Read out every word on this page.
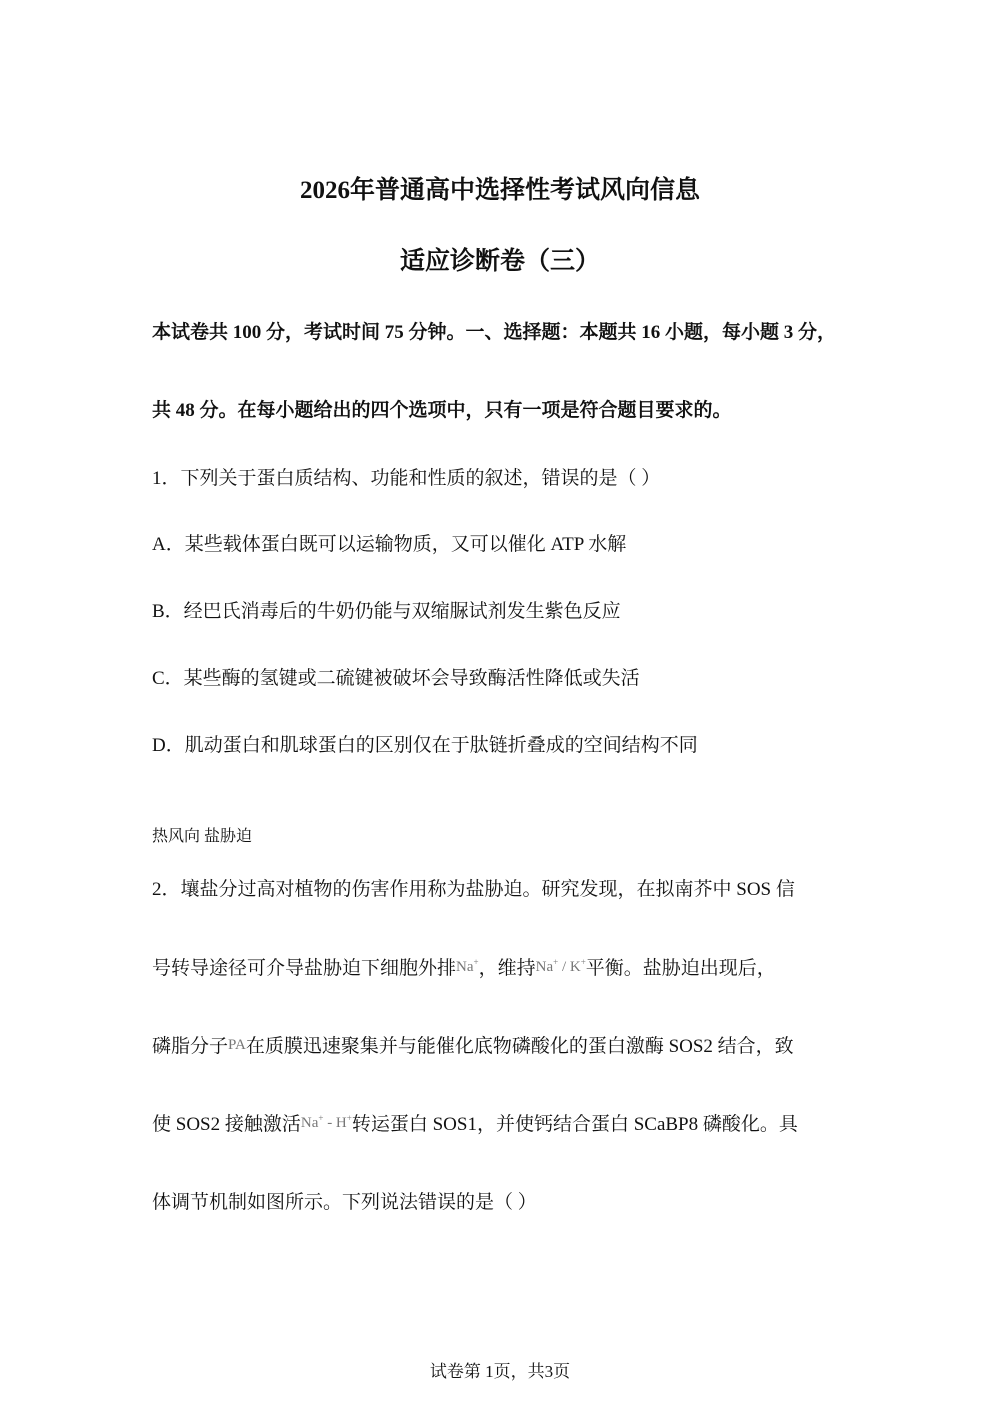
2026年普通高中选择性考试风向信息
适应诊断卷（三）
本试卷共 100 分，考试时间 75 分钟。一、选择题：本题共 16 小题，每小题 3 分，
共 48 分。在每小题给出的四个选项中，只有一项是符合题目要求的。
1．下列关于蛋白质结构、功能和性质的叙述，错误的是（ ）
A．某些载体蛋白既可以运输物质，又可以催化 ATP 水解
B．经巴氏消毒后的牛奶仍能与双缩脲试剂发生紫色反应
C．某些酶的氢键或二硫键被破坏会导致酶活性降低或失活
D．肌动蛋白和肌球蛋白的区别仅在于肽链折叠成的空间结构不同
热风向 盐胁迫
2．壤盐分过高对植物的伤害作用称为盐胁迫。研究发现，在拟南芥中 SOS 信
号转导途径可介导盐胁迫下细胞外排Na+，维持Na+ / K+平衡。盐胁迫出现后，
磷脂分子PA在质膜迅速聚集并与能催化底物磷酸化的蛋白激酶 SOS2 结合，致
使 SOS2 接触激活Na+ - H+转运蛋白 SOS1，并使钙结合蛋白 SCaBP8 磷酸化。具
体调节机制如图所示。下列说法错误的是（ ）
试卷第 1页，共3页
